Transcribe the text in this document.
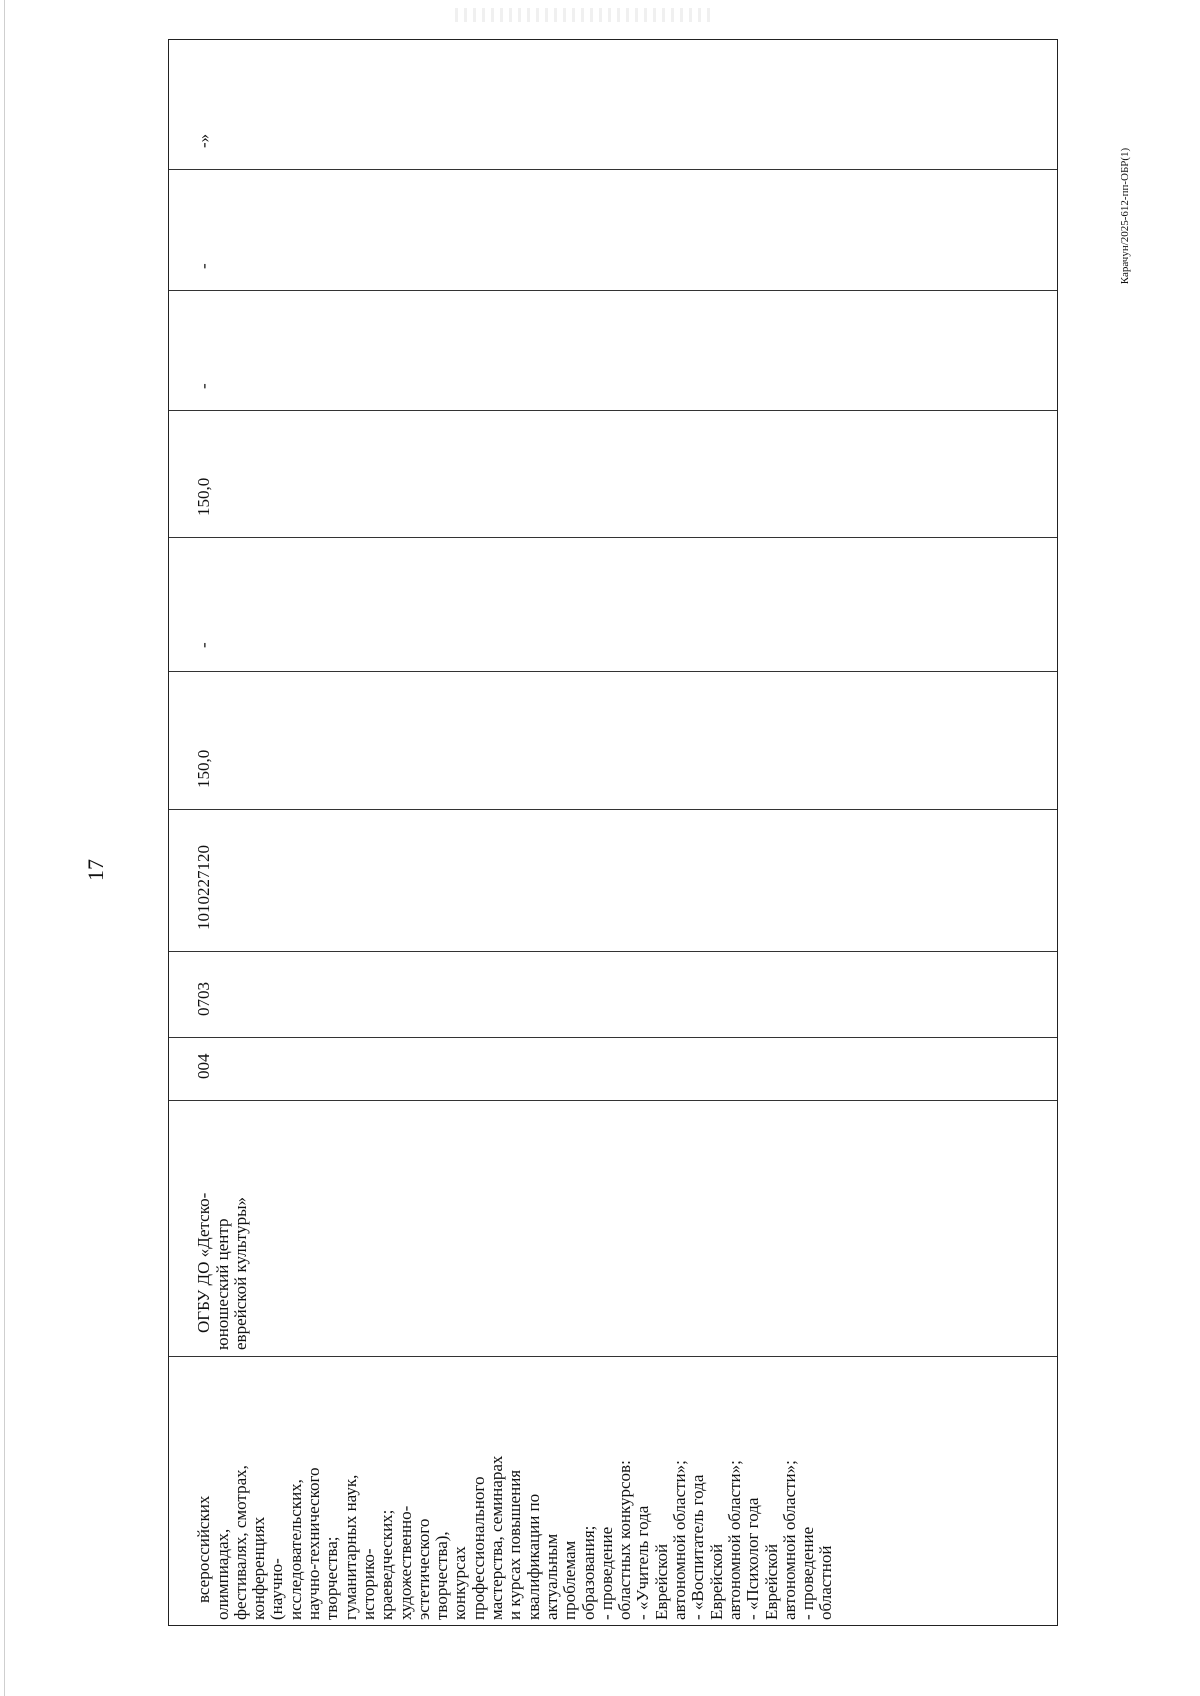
17
Карачун/2025-612-пп-ОБР(1)

всероссийских
олимпиадах,
фестивалях, смотрах,
конференциях
(научно-
исследовательских,
научно-технического
творчества;
гуманитарных наук,
историко-
краеведческих;
художественно-
эстетического
творчества),
конкурсах
профессионального
мастерства, семинарах
и курсах повышения
квалификации по
актуальным
проблемам
образования;
- проведение
областных конкурсов:
- «Учитель года
Еврейской
автономной области»;
- «Воспитатель года
Еврейской
автономной области»;
- «Психолог года
Еврейской
автономной области»;
- проведение
областной

ОГБУ ДО «Детско-
юношеский центр
еврейской культуры»

004

0703

1010227120

150,0

-

150,0

-

-

-»
